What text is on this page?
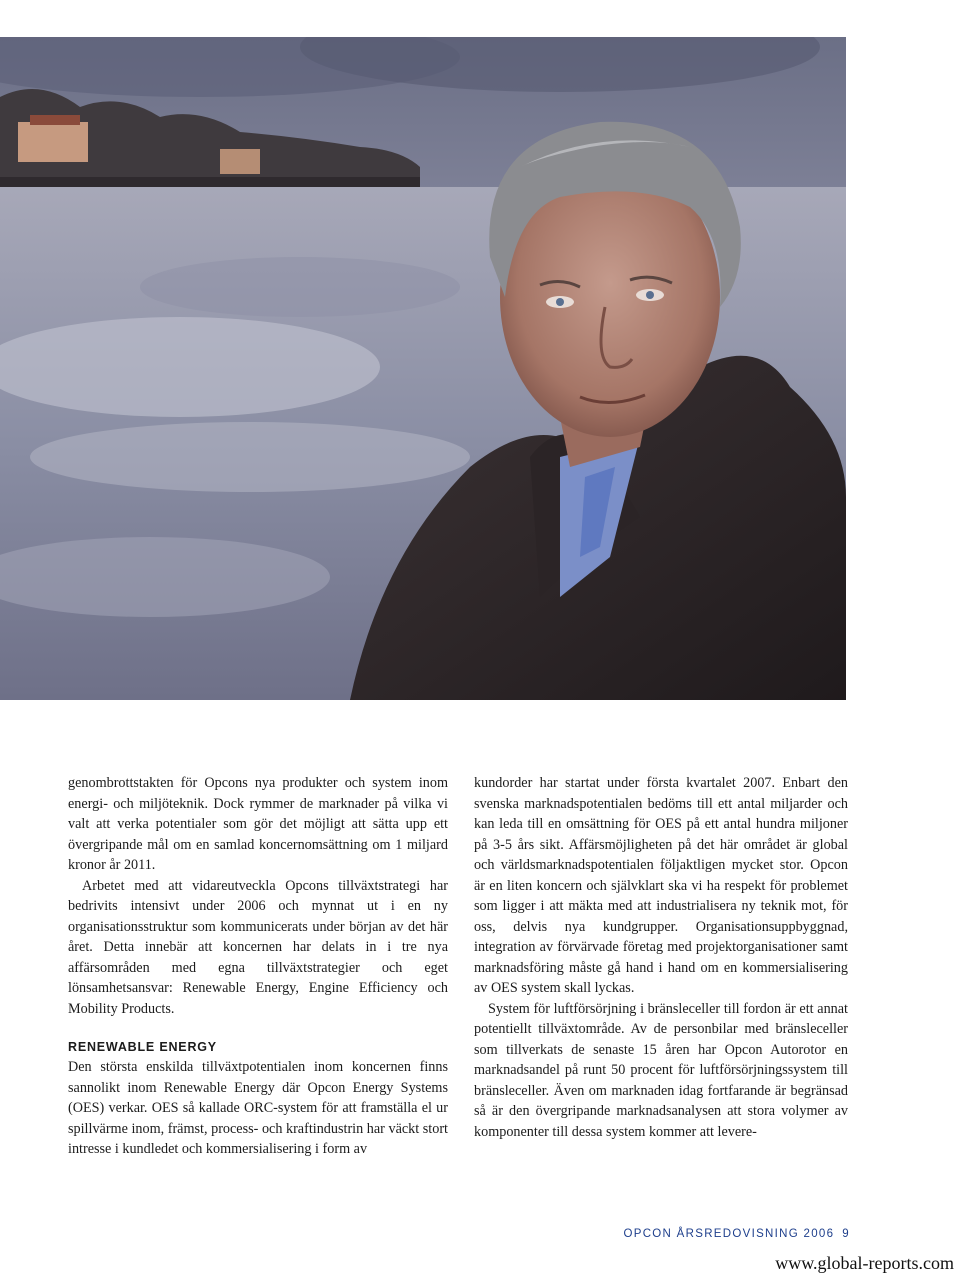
genombrottstakten för Opcons nya produkter och system inom energi- och miljöteknik. Dock rymmer de marknader på vilka vi valt att verka potentialer som gör det möjligt att sätta upp ett övergripande mål om en samlad koncernomsättning om 1 miljard kronor år 2011.

Arbetet med att vidareutveckla Opcons tillväxtstrategi har bedrivits intensivt under 2006 och mynnat ut i en ny organisationsstruktur som kommunicerats under början av det här året. Detta innebär att koncernen har delats in i tre nya affärsområden med egna tillväxtstrategier och eget lönsamhetsansvar: Renewable Energy, Engine Efficiency och Mobility Products.

RENEWABLE ENERGY

Den största enskilda tillväxtpotentialen inom koncernen finns sannolikt inom Renewable Energy där Opcon Energy Systems (OES) verkar. OES så kallade ORC-system för att framställa el ur spillvärme inom, främst, process- och kraftindustrin har väckt stort intresse i kundledet och kommersialisering i form av

kundorder har startat under första kvartalet 2007. Enbart den svenska marknadspotentialen bedöms till ett antal miljarder och kan leda till en omsättning för OES på ett antal hundra miljoner på 3-5 års sikt. Affärsmöjligheten på det här området är global och världsmarknadspotentialen följaktligen mycket stor. Opcon är en liten koncern och självklart ska vi ha respekt för problemet som ligger i att mäkta med att industrialisera ny teknik mot, för oss, delvis nya kundgrupper. Organisationsuppbyggnad, integration av förvärvade företag med projektorganisationer samt marknadsföring måste gå hand i hand om en kommersialisering av OES system skall lyckas.

System för luftförsörjning i bränsleceller till fordon är ett annat potentiellt tillväxtområde. Av de personbilar med bränsleceller som tillverkats de senaste 15 åren har Opcon Autorotor en marknadsandel på runt 50 procent för luftförsörjningssystem till bränsleceller. Även om marknaden idag fortfarande är begränsad så är den övergripande marknadsanalysen att stora volymer av komponenter till dessa system kommer att levere-

OPCON ÅRSREDOVISNING 2006 9
www.global-reports.com
